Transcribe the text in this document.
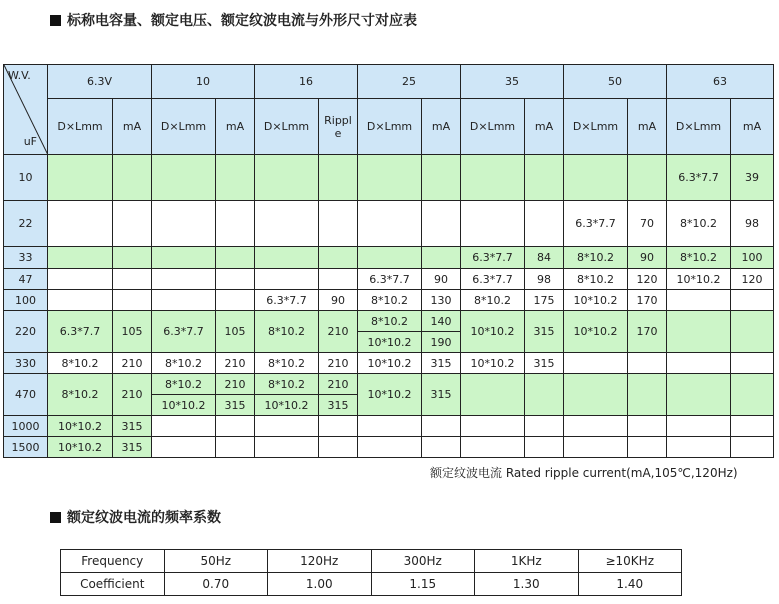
标称电容量、额定电压、额定纹波电流与外形尺寸对应表
W.V.
uF	6.3V		10		16		25		35		50		63	
	D×Lmm	mA	D×Lmm	mA	D×Lmm	Ripple	D×Lmm	mA	D×Lmm	mA	D×Lmm	mA	D×Lmm	mA
10													6.3*7.7	39
22											6.3*7.7	70	8*10.2	98
33									6.3*7.7	84	8*10.2	90	8*10.2	100
47							6.3*7.7	90	6.3*7.7	98	8*10.2	120	10*10.2	120
100					6.3*7.7	90	8*10.2	130	8*10.2	175	10*10.2	170		
220	6.3*7.7	105	6.3*7.7	105	8*10.2	210	8*10.2	140	10*10.2	315	10*10.2	170		
							10*10.2	190						
330	8*10.2	210	8*10.2	210	8*10.2	210	10*10.2	315	10*10.2	315				
470	8*10.2	210	8*10.2	210	8*10.2	210	10*10.2	315						
			10*10.2	315	10*10.2	315								
1000	10*10.2	315												
1500	10*10.2	315												
额定纹波电流 Rated ripple current(mA,105℃,120Hz)
额定纹波电流的频率系数
Frequency	50Hz	120Hz	300Hz	1KHz	≥10KHz
Coefficient	0.70	1.00	1.15	1.30	1.40
